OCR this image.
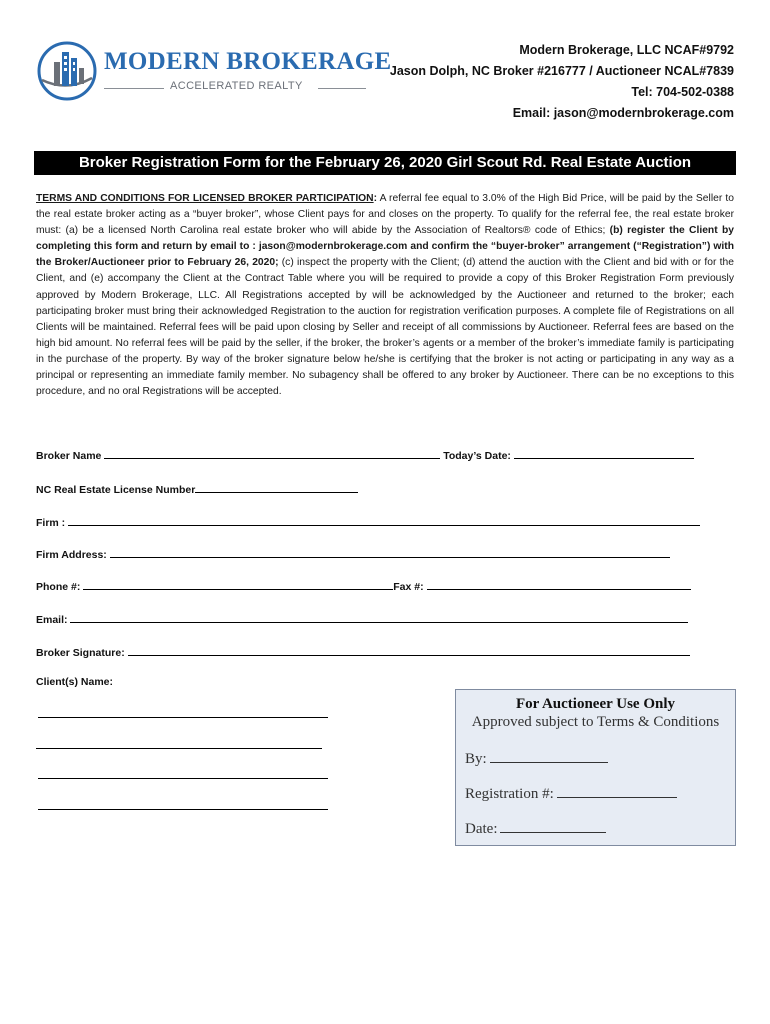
MODERN BROKERAGE
ACCELERATED REALTY
Modern Brokerage, LLC NCAF#9792
Jason Dolph, NC Broker #216777 / Auctioneer NCAL#7839
Tel: 704-502-0388
Email: jason@modernbrokerage.com
Broker Registration Form for the February 26, 2020 Girl Scout Rd. Real Estate Auction
TERMS AND CONDITIONS FOR LICENSED BROKER PARTICIPATION: A referral fee equal to 3.0% of the High Bid Price, will be paid by the Seller to the real estate broker acting as a “buyer broker”, whose Client pays for and closes on the property. To qualify for the referral fee, the real estate broker must: (a) be a licensed North Carolina real estate broker who will abide by the Association of Realtors® code of Ethics; (b) register the Client by completing this form and return by email to : jason@modernbrokerage.com and confirm the “buyer-broker” arrangement (“Registration”) with the Broker/Auctioneer prior to February 26, 2020; (c) inspect the property with the Client; (d) attend the auction with the Client and bid with or for the Client, and (e) accompany the Client at the Contract Table where you will be required to provide a copy of this Broker Registration Form previously approved by Modern Brokerage, LLC. All Registrations accepted by will be acknowledged by the Auctioneer and returned to the broker; each participating broker must bring their acknowledged Registration to the auction for registration verification purposes. A complete file of Registrations on all Clients will be maintained. Referral fees will be paid upon closing by Seller and receipt of all commissions by Auctioneer. Referral fees are based on the high bid amount. No referral fees will be paid by the seller, if the broker, the broker’s agents or a member of the broker’s immediate family is participating in the purchase of the property. By way of the broker signature below he/she is certifying that the broker is not acting or participating in any way as a principal or representing an immediate family member. No subagency shall be offered to any broker by Auctioneer. There can be no exceptions to this procedure, and no oral Registrations will be accepted.
Broker Name	Today’s Date:
NC Real Estate License Number
Firm :
Firm Address:
Phone #:	Fax #:
Email:
Broker Signature:
Client(s) Name:
For Auctioneer Use Only
Approved subject to Terms & Conditions
By:
Registration #:
Date:
